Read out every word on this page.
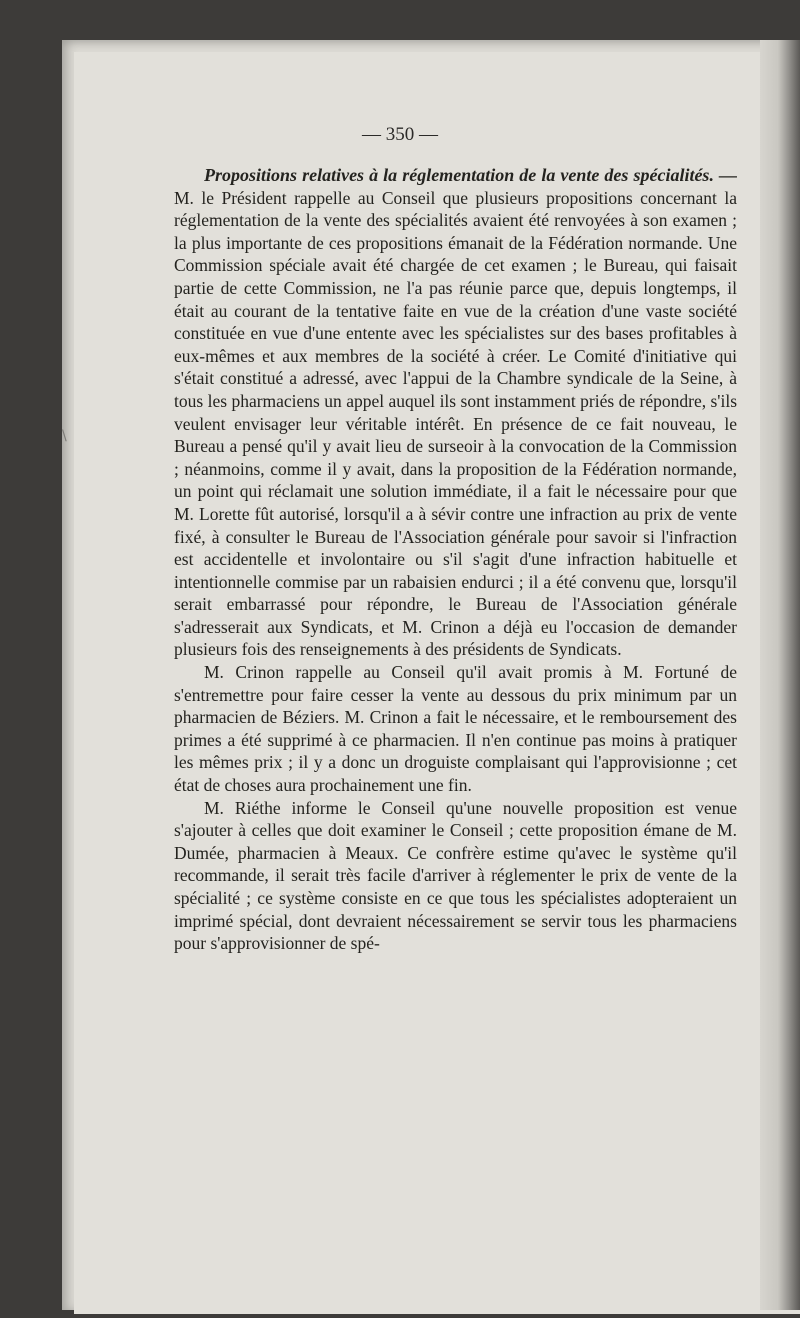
\
— 350 —

Propositions relatives à la réglementation de la vente des spécialités. — M. le Président rappelle au Conseil que plusieurs propositions concernant la réglementation de la vente des spécialités avaient été renvoyées à son examen ; la plus importante de ces propositions émanait de la Fédération normande. Une Commission spéciale avait été chargée de cet examen ; le Bureau, qui faisait partie de cette Commission, ne l'a pas réunie parce que, depuis longtemps, il était au courant de la tentative faite en vue de la création d'une vaste société constituée en vue d'une entente avec les spécialistes sur des bases profitables à eux-mêmes et aux membres de la société à créer. Le Comité d'initiative qui s'était constitué a adressé, avec l'appui de la Chambre syndicale de la Seine, à tous les pharmaciens un appel auquel ils sont instamment priés de répondre, s'ils veulent envisager leur véritable intérêt. En présence de ce fait nouveau, le Bureau a pensé qu'il y avait lieu de surseoir à la convocation de la Commission ; néanmoins, comme il y avait, dans la proposition de la Fédération normande, un point qui réclamait une solution immédiate, il a fait le nécessaire pour que M. Lorette fût autorisé, lorsqu'il a à sévir contre une infraction au prix de vente fixé, à consulter le Bureau de l'Association générale pour savoir si l'infraction est accidentelle et involontaire ou s'il s'agit d'une infraction habituelle et intentionnelle commise par un rabaisien endurci ; il a été convenu que, lorsqu'il serait embarrassé pour répondre, le Bureau de l'Association générale s'adresserait aux Syndicats, et M. Crinon a déjà eu l'occasion de demander plusieurs fois des renseignements à des présidents de Syndicats.

M. Crinon rappelle au Conseil qu'il avait promis à M. Fortuné de s'entremettre pour faire cesser la vente au dessous du prix minimum par un pharmacien de Béziers. M. Crinon a fait le nécessaire, et le remboursement des primes a été supprimé à ce pharmacien. Il n'en continue pas moins à pratiquer les mêmes prix ; il y a donc un droguiste complaisant qui l'approvisionne ; cet état de choses aura prochainement une fin.

M. Riéthe informe le Conseil qu'une nouvelle proposition est venue s'ajouter à celles que doit examiner le Conseil ; cette proposition émane de M. Dumée, pharmacien à Meaux. Ce confrère estime qu'avec le système qu'il recommande, il serait très facile d'arriver à réglementer le prix de vente de la spécialité ; ce système consiste en ce que tous les spécialistes adopteraient un imprimé spécial, dont devraient nécessairement se servir tous les pharmaciens pour s'approvisionner de spé-
